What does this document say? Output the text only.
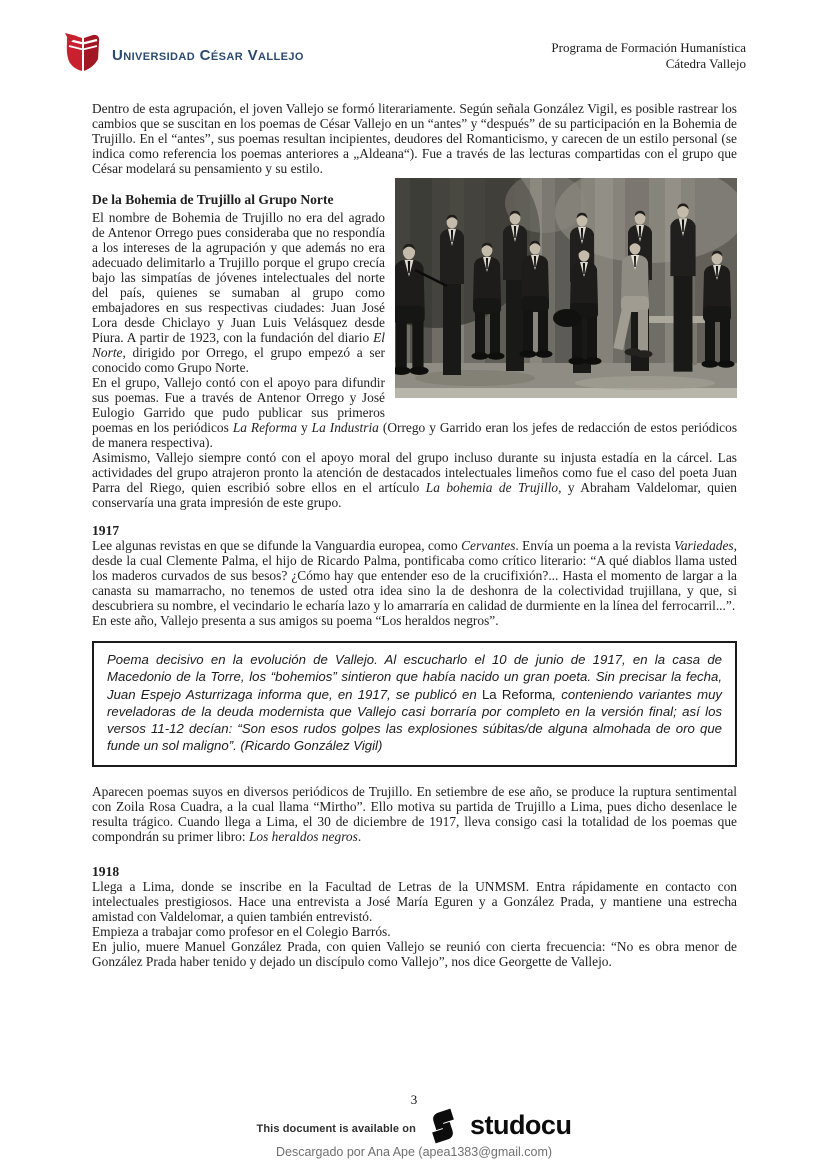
Universidad César Vallejo	Programa de Formación Humanística
Cátedra Vallejo

Dentro de esta agrupación, el joven Vallejo se formó literariamente. Según señala González Vigil, es posible rastrear los cambios que se suscitan en los poemas de César Vallejo en un “antes” y “después” de su participación en la Bohemia de Trujillo. En el “antes”, sus poemas resultan incipientes, deudores del Romanticismo, y carecen de un estilo personal (se indica como referencia los poemas anteriores a „Aldeana“). Fue a través de las lecturas compartidas con el grupo que César modelará su pensamiento y su estilo.

De la Bohemia de Trujillo al Grupo Norte

El nombre de Bohemia de Trujillo no era del agrado de Antenor Orrego pues consideraba que no respondía a los intereses de la agrupación y que además no era adecuado delimitarlo a Trujillo porque el grupo crecía bajo las simpatías de jóvenes intelectuales del norte del país, quienes se sumaban al grupo como embajadores en sus respectivas ciudades: Juan José Lora desde Chiclayo y Juan Luis Velásquez desde Piura. A partir de 1923, con la fundación del diario El Norte, dirigido por Orrego, el grupo empezó a ser conocido como Grupo Norte.

En el grupo, Vallejo contó con el apoyo para difundir sus poemas. Fue a través de Antenor Orrego y José Eulogio Garrido que pudo publicar sus primeros poemas en los periódicos La Reforma y La Industria (Orrego y Garrido eran los jefes de redacción de estos periódicos de manera respectiva).

Asimismo, Vallejo siempre contó con el apoyo moral del grupo incluso durante su injusta estadía en la cárcel. Las actividades del grupo atrajeron pronto la atención de destacados intelectuales limeños como fue el caso del poeta Juan Parra del Riego, quien escribió sobre ellos en el artículo La bohemia de Trujillo, y Abraham Valdelomar, quien conservaría una grata impresión de este grupo.

1917

Lee algunas revistas en que se difunde la Vanguardia europea, como Cervantes. Envía un poema a la revista Variedades, desde la cual Clemente Palma, el hijo de Ricardo Palma, pontificaba como crítico literario: “A qué diablos llama usted los maderos curvados de sus besos? ¿Cómo hay que entender eso de la crucifixión?... Hasta el momento de largar a la canasta su mamarracho, no tenemos de usted otra idea sino la de deshonra de la colectividad trujillana, y que, si descubriera su nombre, el vecindario le echaría lazo y lo amarraría en calidad de durmiente en la línea del ferrocarril...”.

En este año, Vallejo presenta a sus amigos su poema “Los heraldos negros”.

Poema decisivo en la evolución de Vallejo. Al escucharlo el 10 de junio de 1917, en la casa de Macedonio de la Torre, los “bohemios” sintieron que había nacido un gran poeta. Sin precisar la fecha, Juan Espejo Asturrizaga informa que, en 1917, se publicó en La Reforma, conteniendo variantes muy reveladoras de la deuda modernista que Vallejo casi borraría por completo en la versión final; así los versos 11-12 decían: “Son esos rudos golpes las explosiones súbitas/de alguna almohada de oro que funde un sol maligno”. (Ricardo González Vigil)

Aparecen poemas suyos en diversos periódicos de Trujillo. En setiembre de ese año, se produce la ruptura sentimental con Zoila Rosa Cuadra, a la cual llama “Mirtho”. Ello motiva su partida de Trujillo a Lima, pues dicho desenlace le resulta trágico. Cuando llega a Lima, el 30 de diciembre de 1917, lleva consigo casi la totalidad de los poemas que compondrán su primer libro: Los heraldos negros.

1918

Llega a Lima, donde se inscribe en la Facultad de Letras de la UNMSM. Entra rápidamente en contacto con intelectuales prestigiosos. Hace una entrevista a José María Eguren y a González Prada, y mantiene una estrecha amistad con Valdelomar, a quien también entrevistó.

Empieza a trabajar como profesor en el Colegio Barrós.

En julio, muere Manuel González Prada, con quien Vallejo se reunió con cierta frecuencia: “No es obra menor de González Prada haber tenido y dejado un discípulo como Vallejo”, nos dice Georgette de Vallejo.

3
This document is available on studocu
Descargado por Ana Ape (apea1383@gmail.com)
